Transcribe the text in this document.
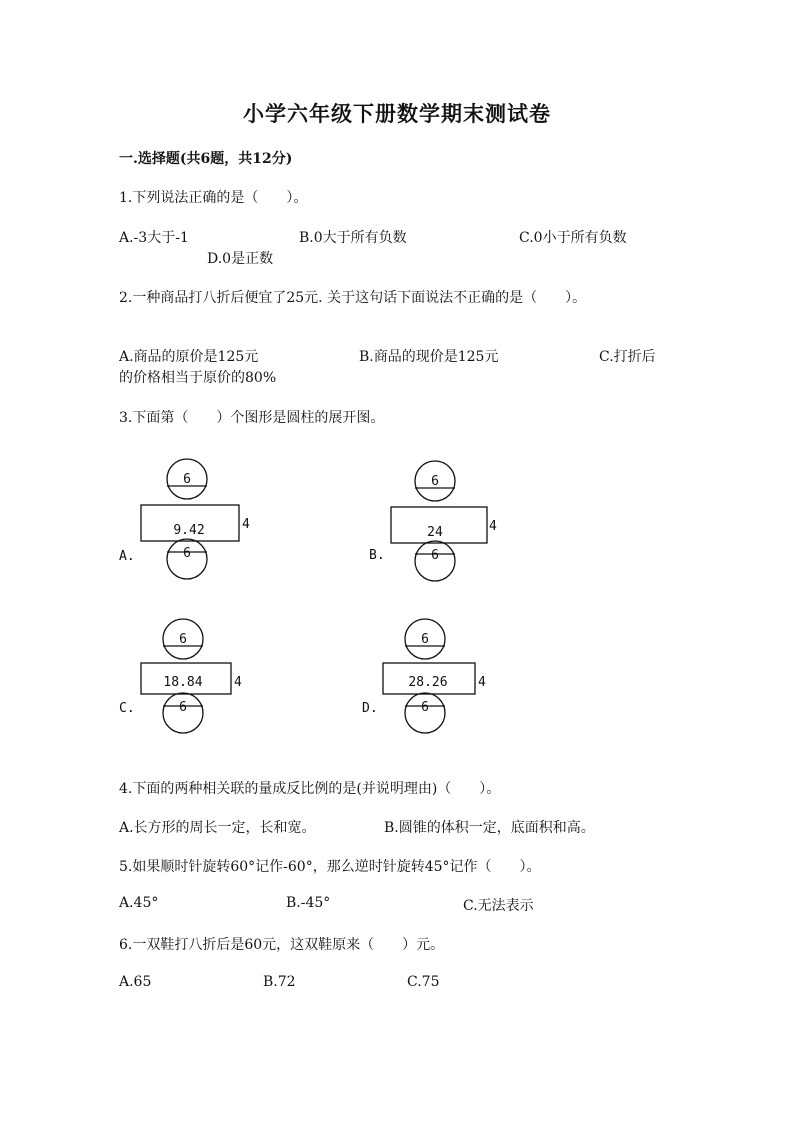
小学六年级下册数学期末测试卷
一.选择题(共6题，共12分)
1.下列说法正确的是（　　）。
A.-3大于-1	B.0大于所有负数	C.0小于所有负数
D.0是正数
2.一种商品打八折后便宜了25元. 关于这句话下面说法不正确的是（　　）。
A.商品的原价是125元	B.商品的现价是125元	C.打折后
的价格相当于原价的80%
3.下面第（　　）个图形是圆柱的展开图。
6
9.42	4
6
A.
6
24	4
6
B.
6
18.84 4
6
C.
6
28.26 4
6
D.
4.下面的两种相关联的量成反比例的是(并说明理由)（　　）。
A.长方形的周长一定，长和宽。	B.圆锥的体积一定，底面积和高。
5.如果顺时针旋转60°记作-60°，那么逆时针旋转45°记作（　　）。
A.45°	B.-45°	C.无法表示
6.一双鞋打八折后是60元，这双鞋原来（　　）元。
A.65	B.72	C.75
